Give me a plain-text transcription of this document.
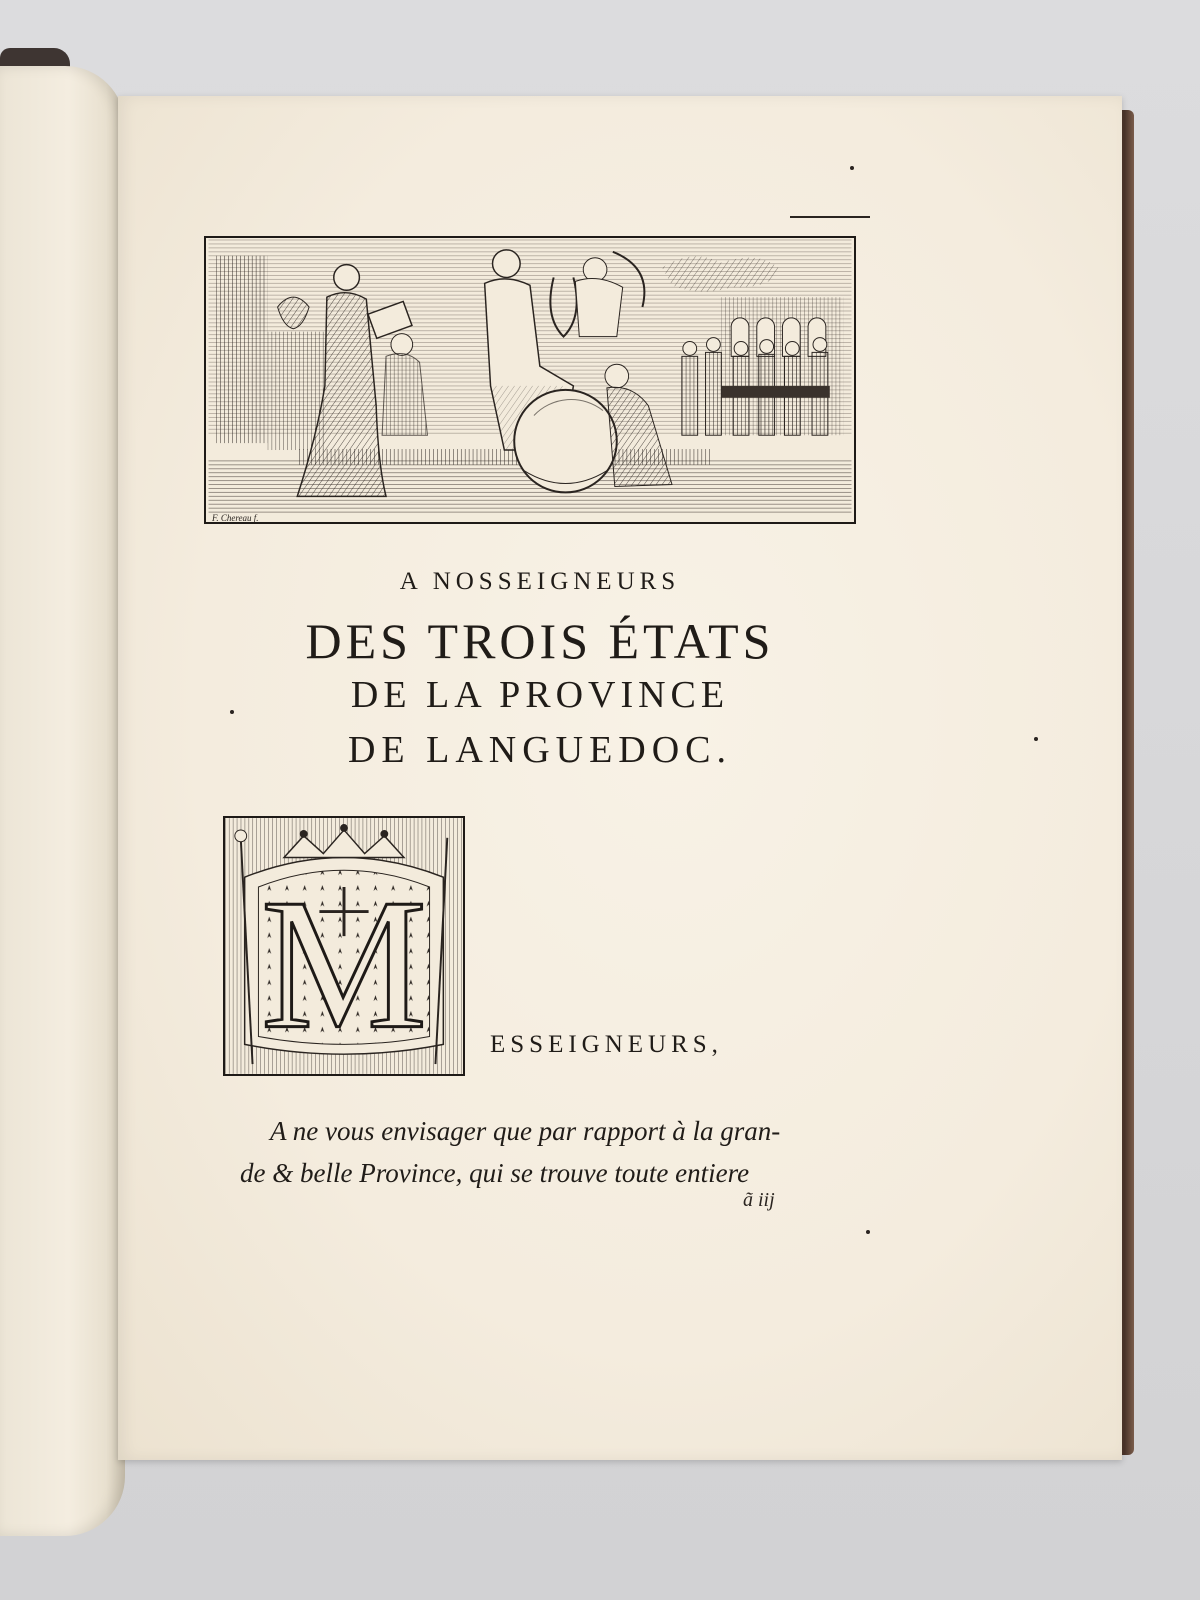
F. Chereau f.
A NOSSEIGNEURS
DES TROIS ÉTATS
DE LA PROVINCE
DE LANGUEDOC.
M	ESSEIGNEURS,
A ne vous envisager que par rapport à la gran-
de & belle Province, qui se trouve toute entiere
ã iij
